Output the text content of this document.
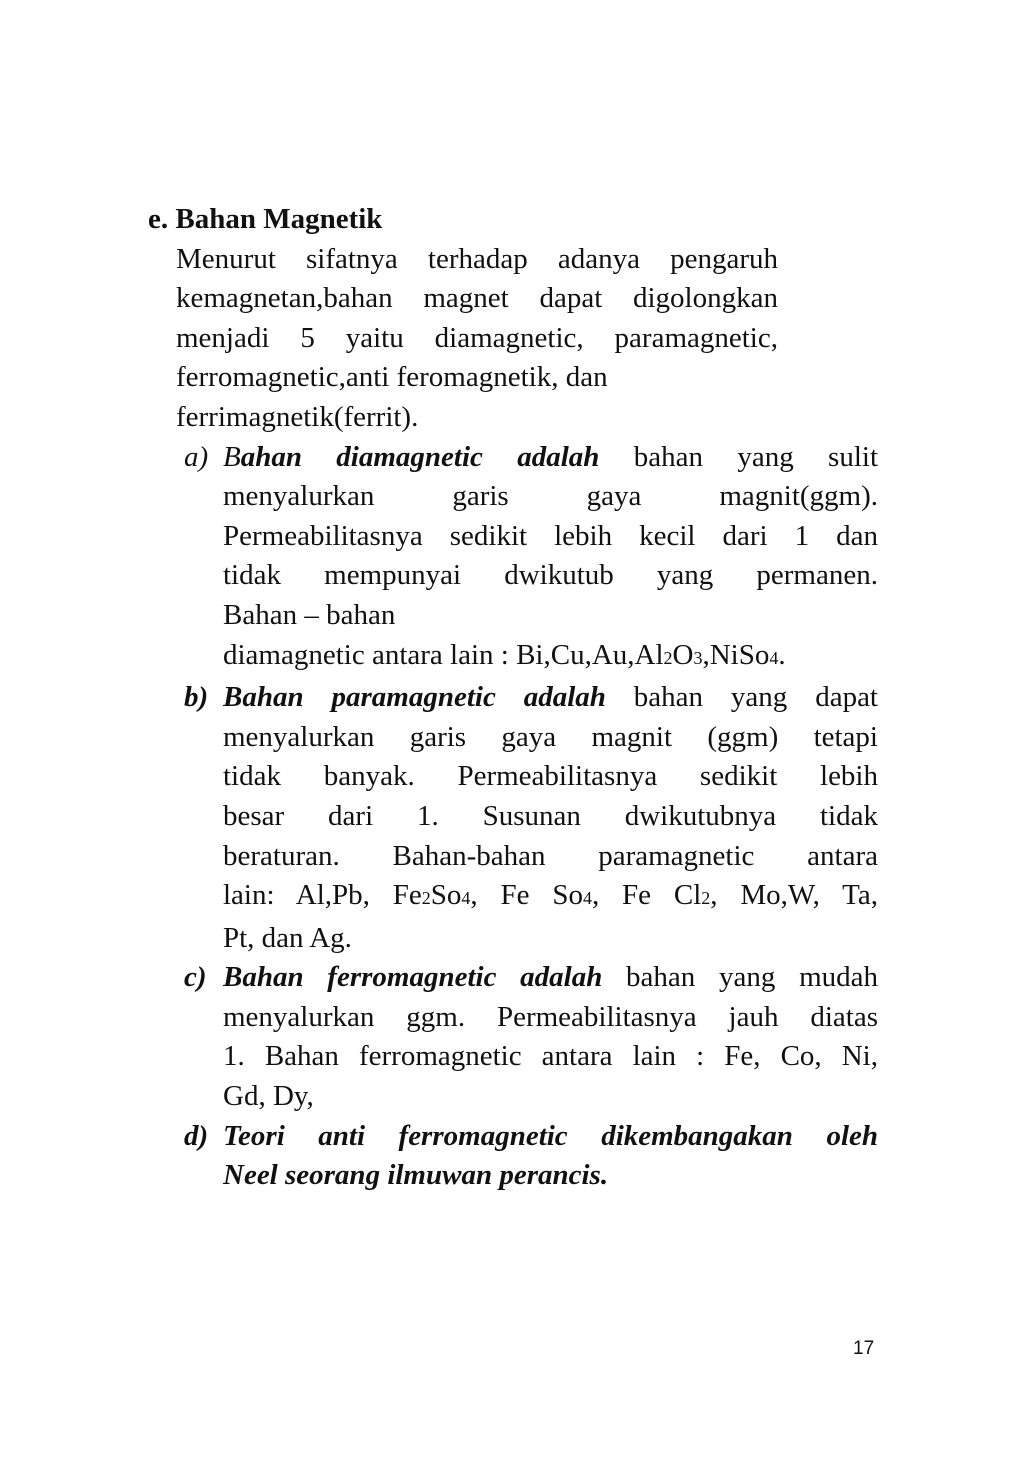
e. Bahan Magnetik

Menurut sifatnya terhadap adanya pengaruh
kemagnetan,bahan magnet dapat digolongkan
menjadi 5 yaitu diamagnetic, paramagnetic,
ferromagnetic,anti feromagnetik, dan
ferrimagnetik(ferrit).

a) Bahan diamagnetic adalah bahan yang sulit
menyalurkan	garis	gaya	magnit(ggm).
Permeabilitasnya sedikit lebih kecil dari 1 dan
tidak mempunyai dwikutub yang permanen.
Bahan – bahan
diamagnetic antara lain : Bi,Cu,Au,Al2O3,NiSo4.
b) Bahan paramagnetic adalah bahan yang dapat
menyalurkan garis gaya magnit (ggm) tetapi
tidak banyak. Permeabilitasnya sedikit lebih
besar dari 1. Susunan dwikutubnya tidak
beraturan. Bahan-bahan paramagnetic antara
lain: Al,Pb, Fe2So4, Fe So4, Fe Cl2, Mo,W, Ta,
Pt, dan Ag.
c) Bahan ferromagnetic adalah bahan yang mudah
menyalurkan ggm. Permeabilitasnya jauh diatas
1. Bahan ferromagnetic antara lain : Fe, Co, Ni,
Gd, Dy,
d) Teori anti ferromagnetic dikembangakan oleh
Neel seorang ilmuwan perancis.
17
